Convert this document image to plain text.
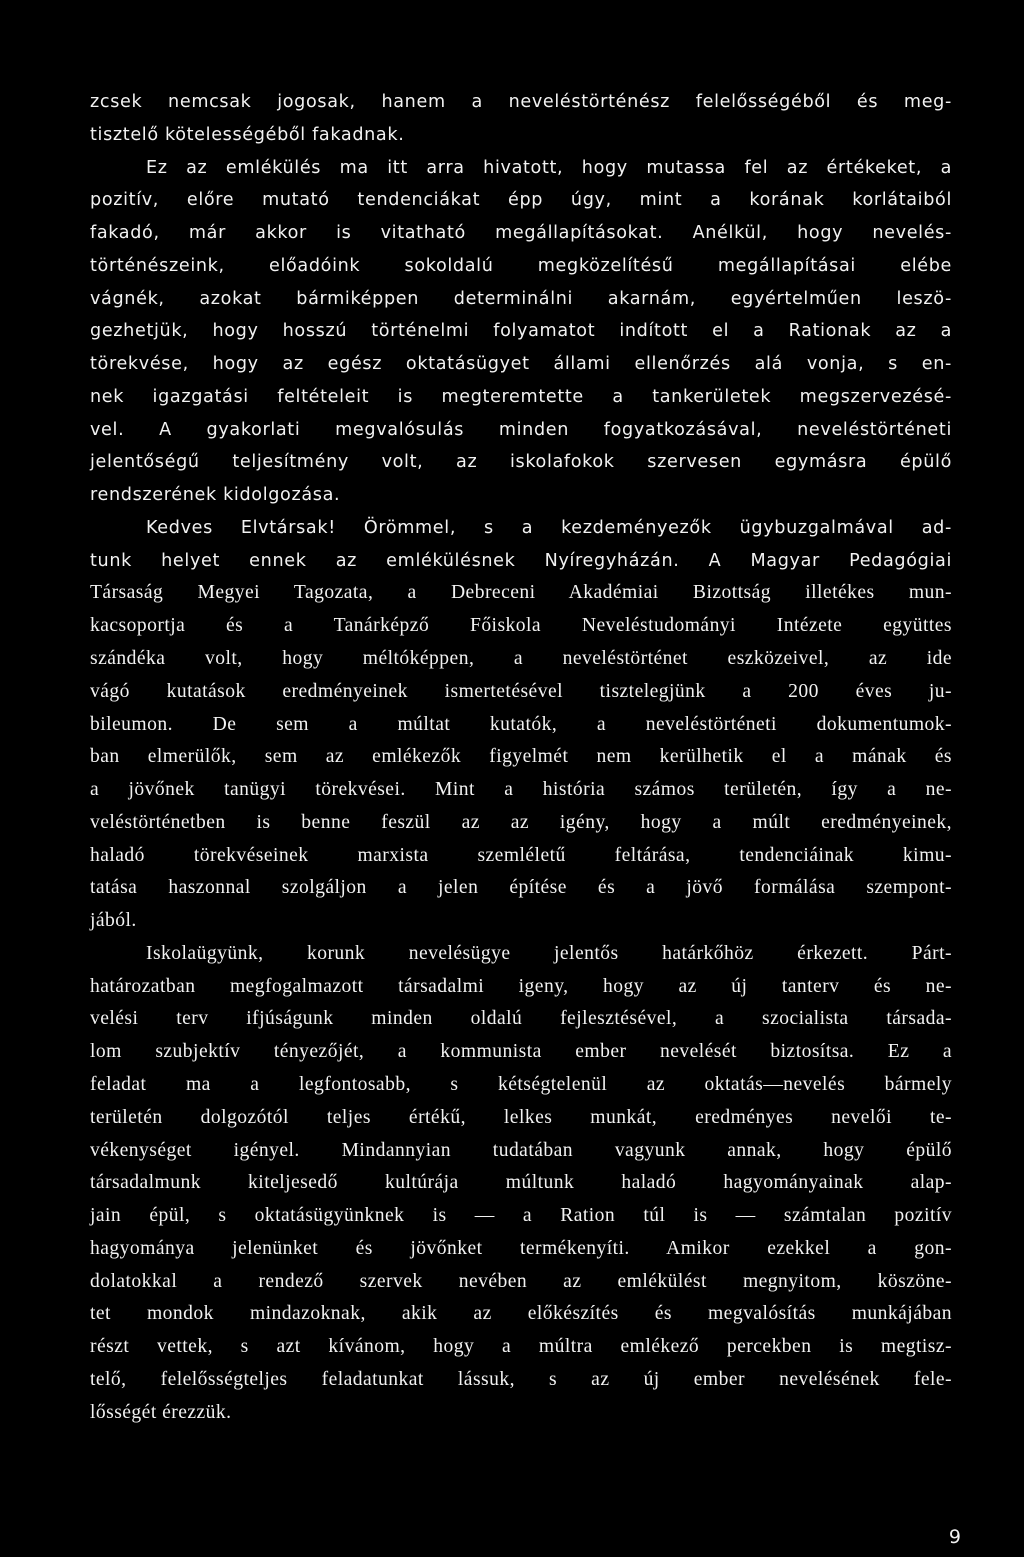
zcsek nemcsak jogosak, hanem a neveléstörténész felelősségéből és meg-
tisztelő kötelességéből fakadnak.
Ez az emlékülés ma itt arra hivatott, hogy mutassa fel az értékeket, a
pozitív, előre mutató tendenciákat épp úgy, mint a korának korlátaiból
fakadó, már akkor is vitatható megállapításokat. Anélkül, hogy nevelés-
történészeink, előadóink sokoldalú megközelítésű megállapításai elébe
vágnék, azokat bármiképpen determinálni akarnám, egyértelműen leszö-
gezhetjük, hogy hosszú történelmi folyamatot indított el a Rationak az a
törekvése, hogy az egész oktatásügyet állami ellenőrzés alá vonja, s en-
nek igazgatási feltételeit is megteremtette a tankerületek megszervezésé-
vel. A gyakorlati megvalósulás minden fogyatkozásával, neveléstörténeti
jelentőségű teljesítmény volt, az iskolafokok szervesen egymásra épülő
rendszerének kidolgozása.
Kedves Elvtársak! Örömmel, s a kezdeményezők ügybuzgalmával ad-
tunk helyet ennek az emlékülésnek Nyíregyházán. A Magyar Pedagógiai
Társaság Megyei Tagozata, a Debreceni Akadémiai Bizottság illetékes mun-
kacsoportja és a Tanárképző Főiskola Neveléstudományi Intézete együttes
szándéka volt, hogy méltóképpen, a neveléstörténet eszközeivel, az ide
vágó kutatások eredményeinek ismertetésével tisztelegjünk a 200 éves ju-
bileumon. De sem a múltat kutatók, a neveléstörténeti dokumentumok-
ban elmerülők, sem az emlékezők figyelmét nem kerülhetik el a mának és
a jövőnek tanügyi törekvései. Mint a história számos területén, így a ne-
veléstörténetben is benne feszül az az igény, hogy a múlt eredményeinek,
haladó törekvéseinek marxista szemléletű feltárása, tendenciáinak kimu-
tatása haszonnal szolgáljon a jelen építése és a jövő formálása szempont-
jából.
Iskolaügyünk, korunk nevelésügye jelentős határkőhöz érkezett. Párt-
határozatban megfogalmazott társadalmi igeny, hogy az új tanterv és ne-
velési terv ifjúságunk minden oldalú fejlesztésével, a szocialista társada-
lom szubjektív tényezőjét, a kommunista ember nevelését biztosítsa. Ez a
feladat ma a legfontosabb, s kétségtelenül az oktatás—nevelés bármely
területén dolgozótól teljes értékű, lelkes munkát, eredményes nevelői te-
vékenységet igényel. Mindannyian tudatában vagyunk annak, hogy épülő
társadalmunk kiteljesedő kultúrája múltunk haladó hagyományainak alap-
jain épül, s oktatásügyünknek is — a Ration túl is — számtalan pozitív
hagyománya jelenünket és jövőnket termékenyíti. Amikor ezekkel a gon-
dolatokkal a rendező szervek nevében az emlékülést megnyitom, köszöne-
tet mondok mindazoknak, akik az előkészítés és megvalósítás munkájában
részt vettek, s azt kívánom, hogy a múltra emlékező percekben is megtisz-
telő, felelősségteljes feladatunkat lássuk, s az új ember nevelésének fele-
lősségét érezzük.
9
